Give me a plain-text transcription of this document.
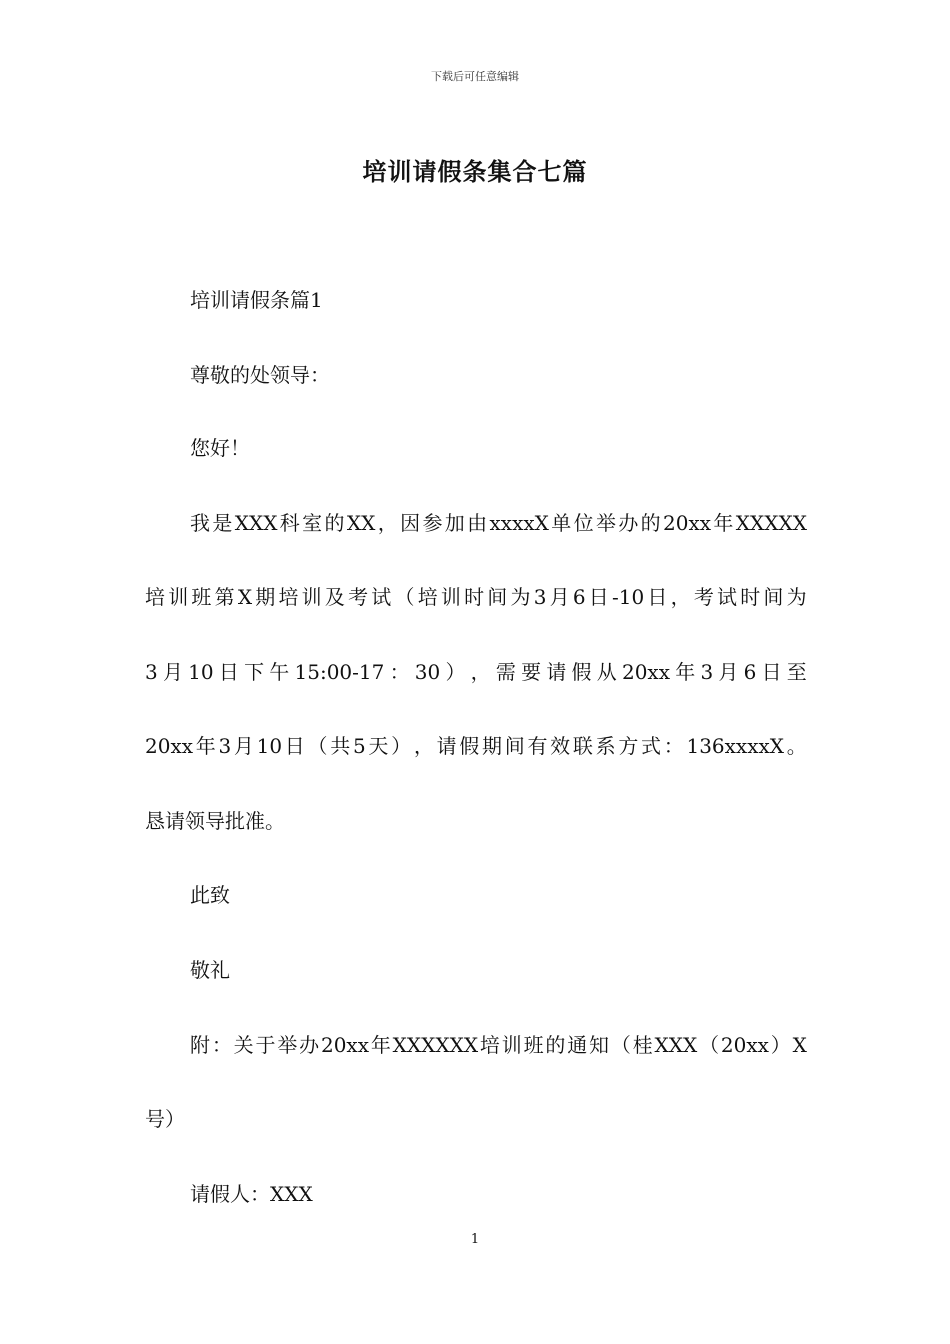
下载后可任意编辑
培训请假条集合七篇
培训请假条篇1
尊敬的处领导：
您好！
我 是 XXX 科 室 的 XX ， 因 参 加 由 xxxxX 单 位 举 办 的 20xx 年 XXXXX
培 训 班 第 X 期 培 训 及 考 试 （ 培 训 时 间 为 3 月 6 日 -10 日 ， 考 试 时 间 为
3 月 10 日 下 午 15:00-17 ： 30 ） ， 需 要 请 假 从 20xx 年 3 月 6 日 至
20xx 年 3 月 10 日 （ 共 5 天 ） ， 请 假 期 间 有 效 联 系 方 式 ： 136xxxxX 。
恳请领导批准。
此致
敬礼
附 ： 关 于 举 办 20xx 年 XXXXXX 培 训 班 的 通 知 （ 桂 XXX （ 20xx ） X
号）
请假人：XXX
1
